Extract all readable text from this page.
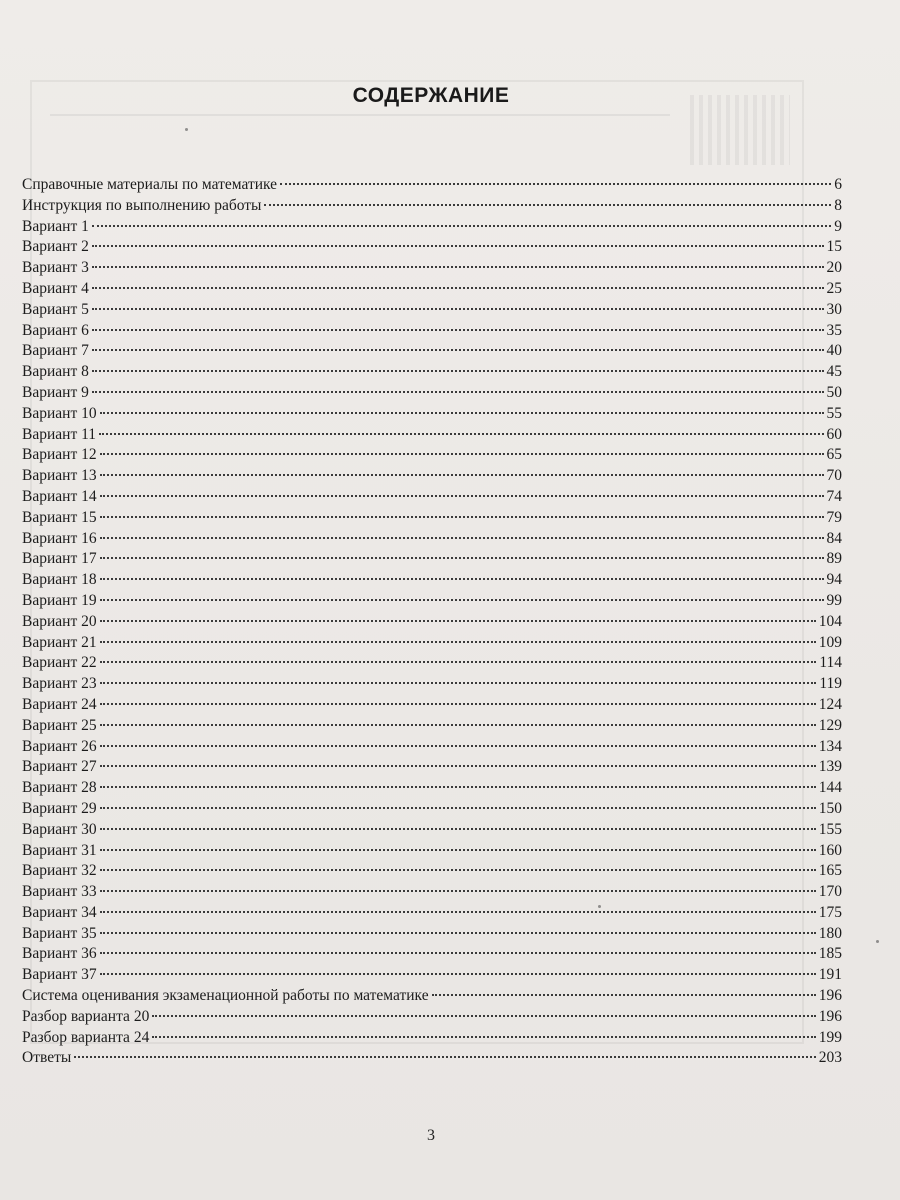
СОДЕРЖАНИЕ
Справочные материалы по математике	6
Инструкция по выполнению работы	8
Вариант 1	9
Вариант 2	15
Вариант 3	20
Вариант 4	25
Вариант 5	30
Вариант 6	35
Вариант 7	40
Вариант 8	45
Вариант 9	50
Вариант 10	55
Вариант 11	60
Вариант 12	65
Вариант 13	70
Вариант 14	74
Вариант 15	79
Вариант 16	84
Вариант 17	89
Вариант 18	94
Вариант 19	99
Вариант 20	104
Вариант 21	109
Вариант 22	114
Вариант 23	119
Вариант 24	124
Вариант 25	129
Вариант 26	134
Вариант 27	139
Вариант 28	144
Вариант 29	150
Вариант 30	155
Вариант 31	160
Вариант 32	165
Вариант 33	170
Вариант 34	175
Вариант 35	180
Вариант 36	185
Вариант 37	191
Система оценивания экзаменационной работы по математике	196
Разбор варианта 20	196
Разбор варианта 24	199
Ответы	203
3
